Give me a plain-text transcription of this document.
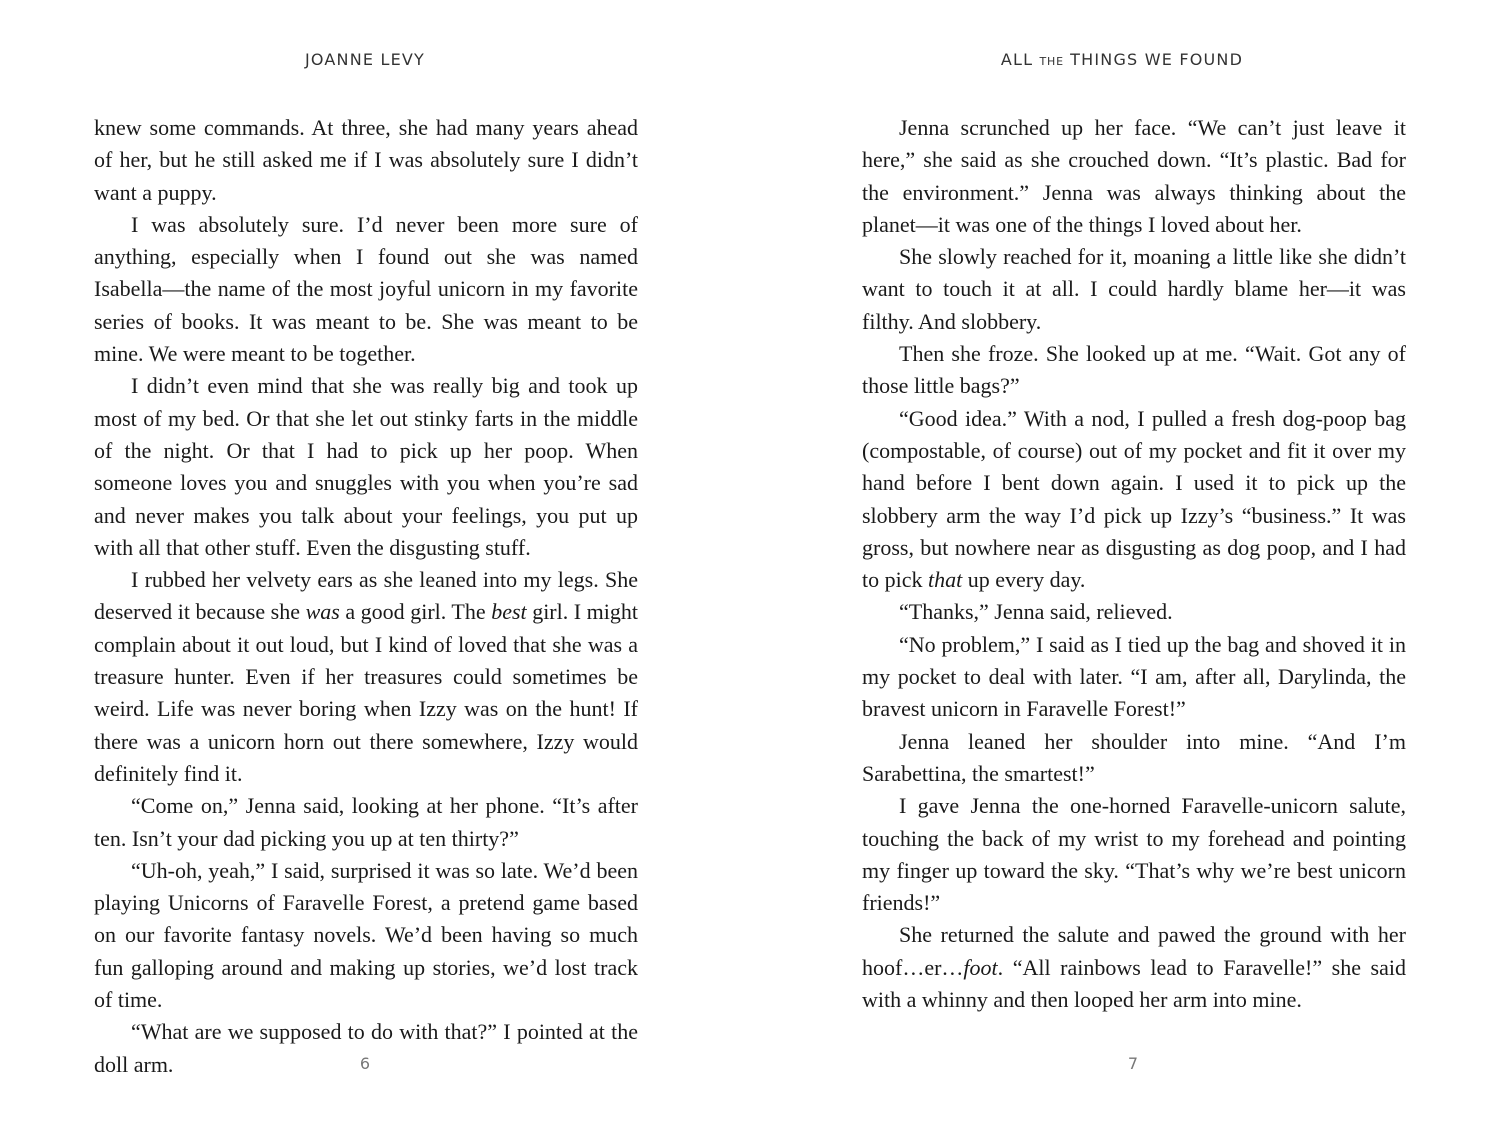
JOANNE LEVY

knew some commands. At three, she had many years ahead of her, but he still asked me if I was absolutely sure I didn’t want a puppy.

I was absolutely sure. I’d never been more sure of anything, especially when I found out she was named Isabella—the name of the most joyful unicorn in my favorite series of books. It was meant to be. She was meant to be mine. We were meant to be together.

I didn’t even mind that she was really big and took up most of my bed. Or that she let out stinky farts in the middle of the night. Or that I had to pick up her poop. When someone loves you and snuggles with you when you’re sad and never makes you talk about your feelings, you put up with all that other stuff. Even the disgusting stuff.

I rubbed her velvety ears as she leaned into my legs. She deserved it because she was a good girl. The best girl. I might complain about it out loud, but I kind of loved that she was a treasure hunter. Even if her treasures could sometimes be weird. Life was never boring when Izzy was on the hunt! If there was a unicorn horn out there somewhere, Izzy would definitely find it.

“Come on,” Jenna said, looking at her phone. “It’s after ten. Isn’t your dad picking you up at ten thirty?”

“Uh-oh, yeah,” I said, surprised it was so late. We’d been playing Unicorns of Faravelle Forest, a pretend game based on our favorite fantasy novels. We’d been having so much fun galloping around and making up stories, we’d lost track of time.

“What are we supposed to do with that?” I pointed at the doll arm.	6
ALL THE THINGS WE FOUND

Jenna scrunched up her face. “We can’t just leave it here,” she said as she crouched down. “It’s plastic. Bad for the environment.” Jenna was always thinking about the planet—it was one of the things I loved about her.

She slowly reached for it, moaning a little like she didn’t want to touch it at all. I could hardly blame her—it was filthy. And slobbery.

Then she froze. She looked up at me. “Wait. Got any of those little bags?”

“Good idea.” With a nod, I pulled a fresh dog-poop bag (compostable, of course) out of my pocket and fit it over my hand before I bent down again. I used it to pick up the slobbery arm the way I’d pick up Izzy’s “business.” It was gross, but nowhere near as disgusting as dog poop, and I had to pick that up every day.

“Thanks,” Jenna said, relieved.

“No problem,” I said as I tied up the bag and shoved it in my pocket to deal with later. “I am, after all, Darylinda, the bravest unicorn in Faravelle Forest!”

Jenna leaned her shoulder into mine. “And I’m Sarabettina, the smartest!”

I gave Jenna the one-horned Faravelle-unicorn salute, touching the back of my wrist to my forehead and pointing my finger up toward the sky. “That’s why we’re best unicorn friends!”

She returned the salute and pawed the ground with her hoof…er…foot. “All rainbows lead to Faravelle!” she said with a whinny and then looped her arm into mine.

7
